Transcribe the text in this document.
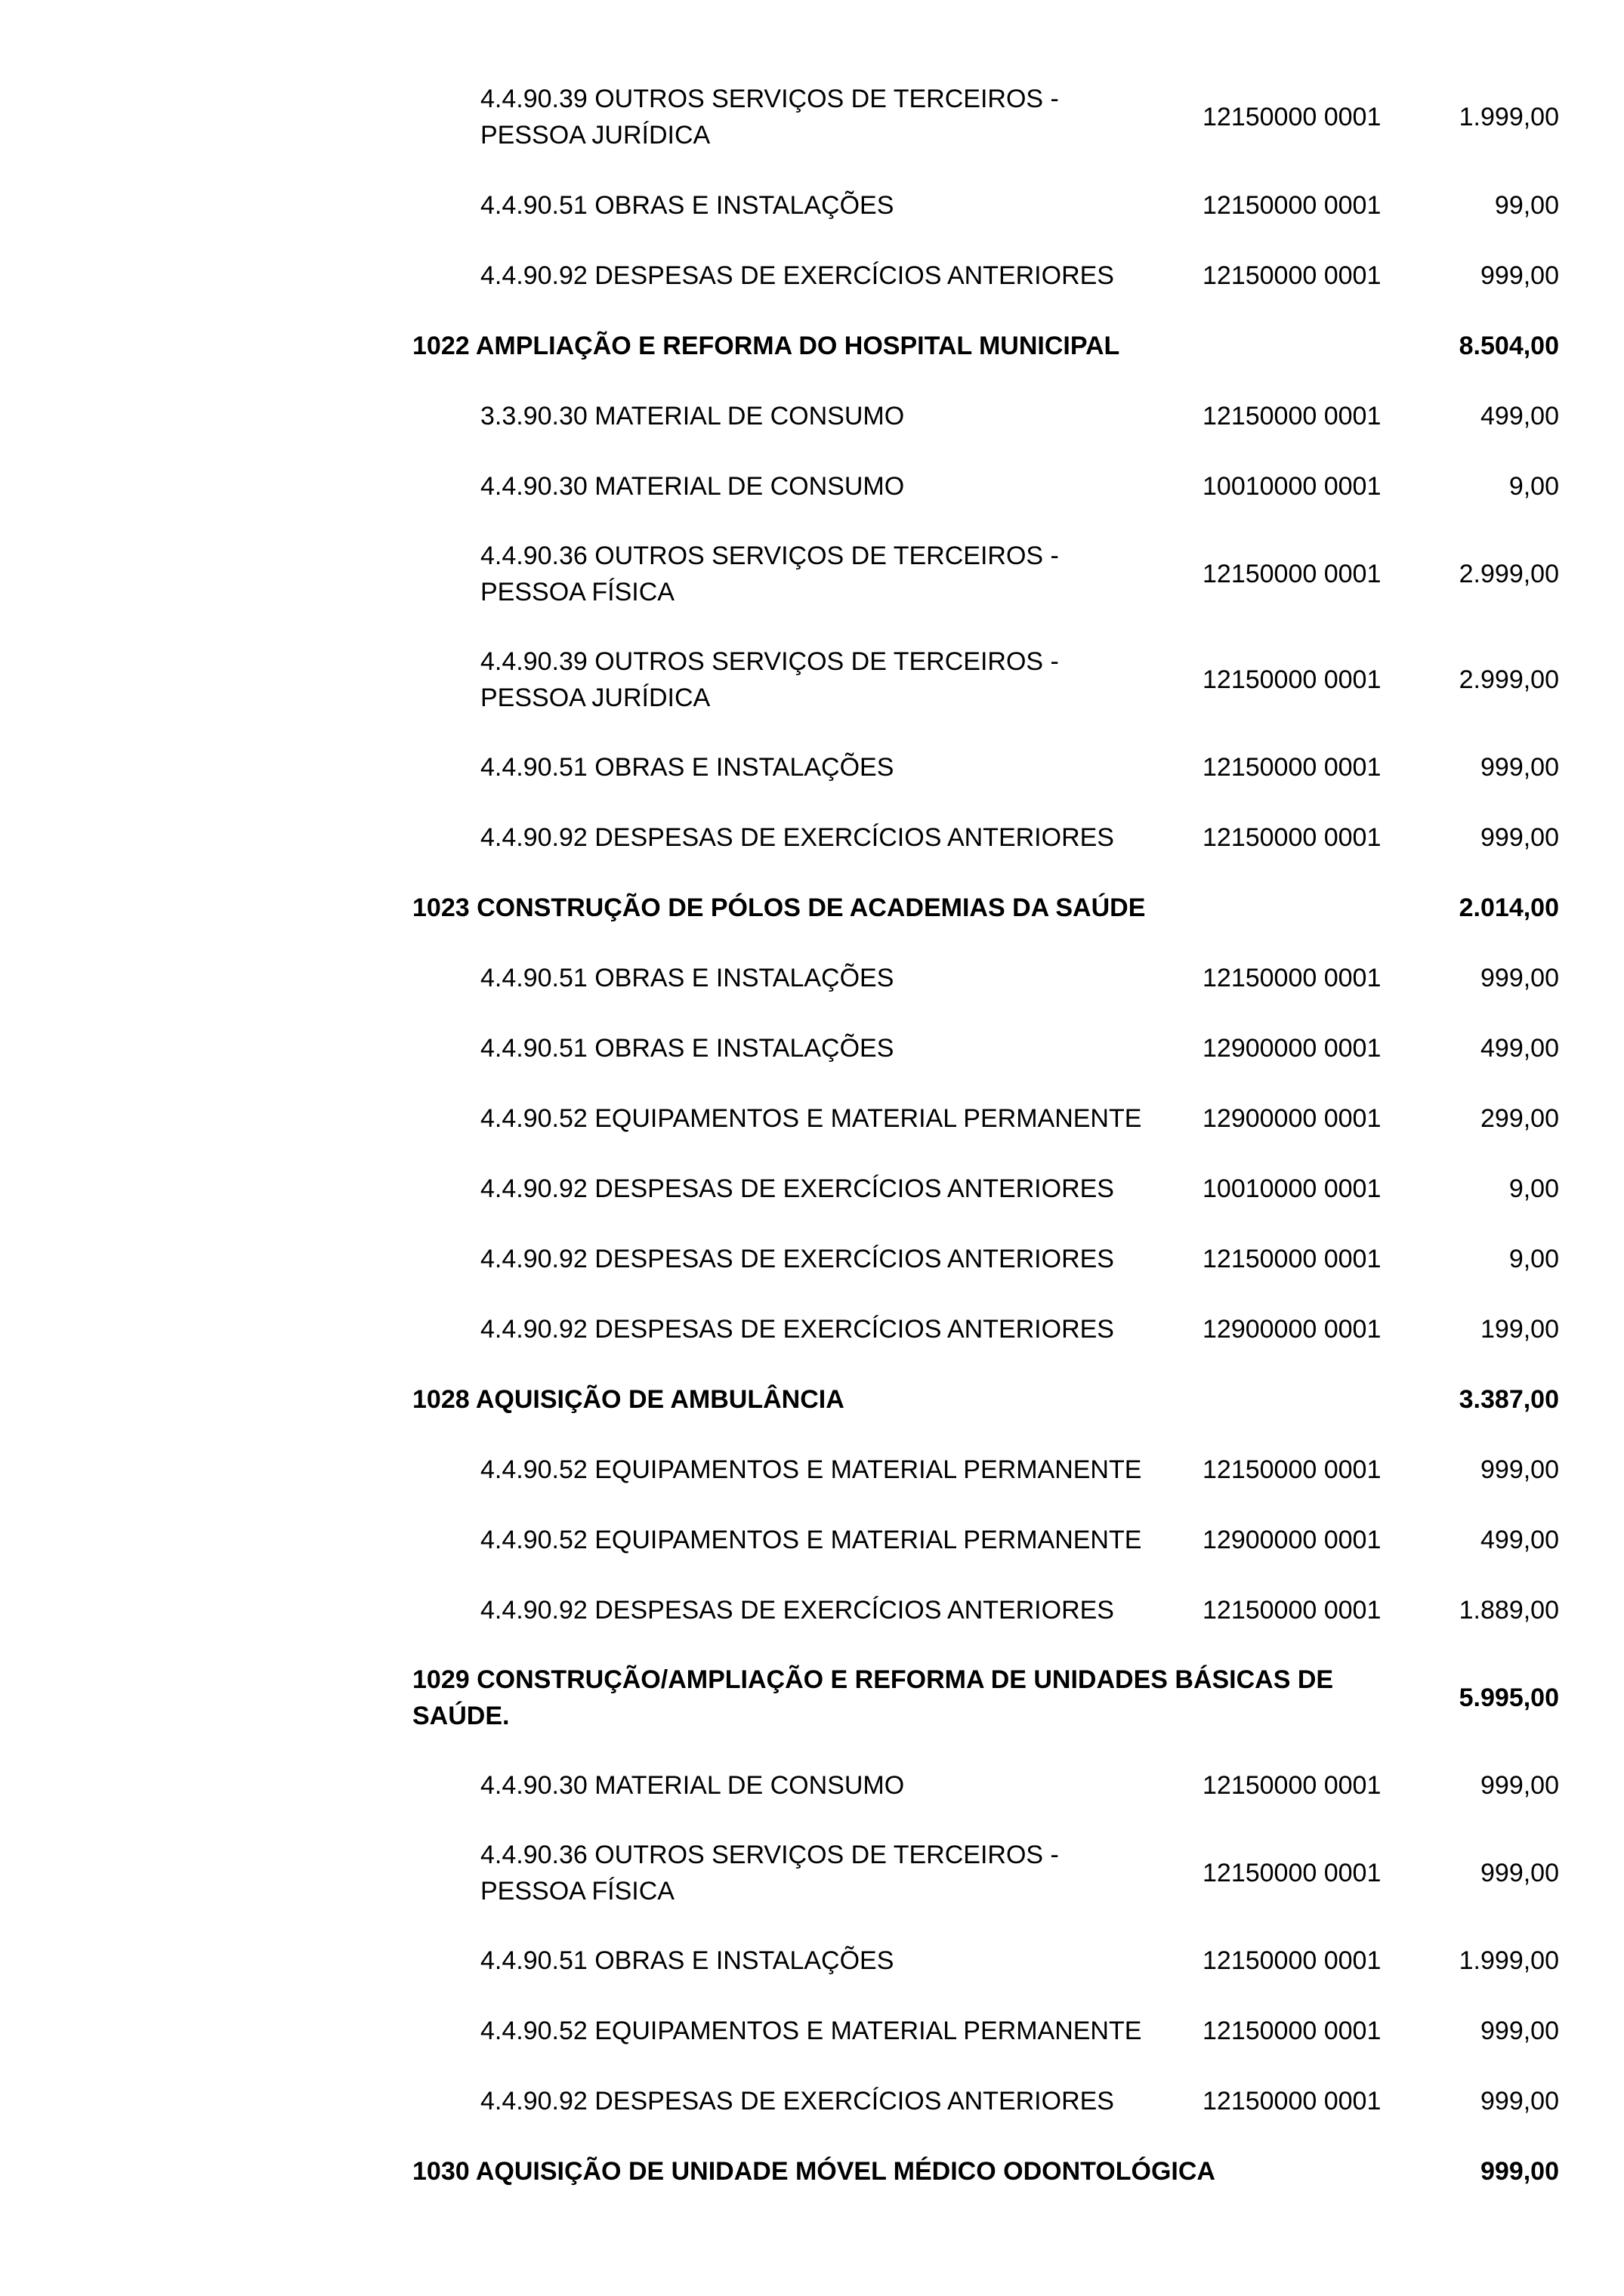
4.4.90.39 OUTROS SERVIÇOS DE TERCEIROS -
PESSOA JURÍDICA
12150000 0001	1.999,00
4.4.90.51 OBRAS E INSTALAÇÕES	12150000 0001	99,00
4.4.90.92 DESPESAS DE EXERCÍCIOS ANTERIORES	12150000 0001	999,00
1022 AMPLIAÇÃO E REFORMA DO HOSPITAL MUNICIPAL	8.504,00
3.3.90.30 MATERIAL DE CONSUMO	12150000 0001	499,00
4.4.90.30 MATERIAL DE CONSUMO	10010000 0001	9,00
4.4.90.36 OUTROS SERVIÇOS DE TERCEIROS -
PESSOA FÍSICA
12150000 0001	2.999,00
4.4.90.39 OUTROS SERVIÇOS DE TERCEIROS -
PESSOA JURÍDICA
12150000 0001	2.999,00
4.4.90.51 OBRAS E INSTALAÇÕES	12150000 0001	999,00
4.4.90.92 DESPESAS DE EXERCÍCIOS ANTERIORES	12150000 0001	999,00
1023 CONSTRUÇÃO DE PÓLOS DE ACADEMIAS DA SAÚDE	2.014,00
4.4.90.51 OBRAS E INSTALAÇÕES	12150000 0001	999,00
4.4.90.51 OBRAS E INSTALAÇÕES	12900000 0001	499,00
4.4.90.52 EQUIPAMENTOS E MATERIAL PERMANENTE	12900000 0001	299,00
4.4.90.92 DESPESAS DE EXERCÍCIOS ANTERIORES	10010000 0001	9,00
4.4.90.92 DESPESAS DE EXERCÍCIOS ANTERIORES	12150000 0001	9,00
4.4.90.92 DESPESAS DE EXERCÍCIOS ANTERIORES	12900000 0001	199,00
1028 AQUISIÇÃO DE AMBULÂNCIA	3.387,00
4.4.90.52 EQUIPAMENTOS E MATERIAL PERMANENTE	12150000 0001	999,00
4.4.90.52 EQUIPAMENTOS E MATERIAL PERMANENTE	12900000 0001	499,00
4.4.90.92 DESPESAS DE EXERCÍCIOS ANTERIORES	12150000 0001	1.889,00
1029 CONSTRUÇÃO/AMPLIAÇÃO E REFORMA DE UNIDADES BÁSICAS DE
SAÚDE.
5.995,00
4.4.90.30 MATERIAL DE CONSUMO	12150000 0001	999,00
4.4.90.36 OUTROS SERVIÇOS DE TERCEIROS -
PESSOA FÍSICA
12150000 0001	999,00
4.4.90.51 OBRAS E INSTALAÇÕES	12150000 0001	1.999,00
4.4.90.52 EQUIPAMENTOS E MATERIAL PERMANENTE	12150000 0001	999,00
4.4.90.92 DESPESAS DE EXERCÍCIOS ANTERIORES	12150000 0001	999,00
1030 AQUISIÇÃO DE UNIDADE MÓVEL MÉDICO ODONTOLÓGICA	999,00
